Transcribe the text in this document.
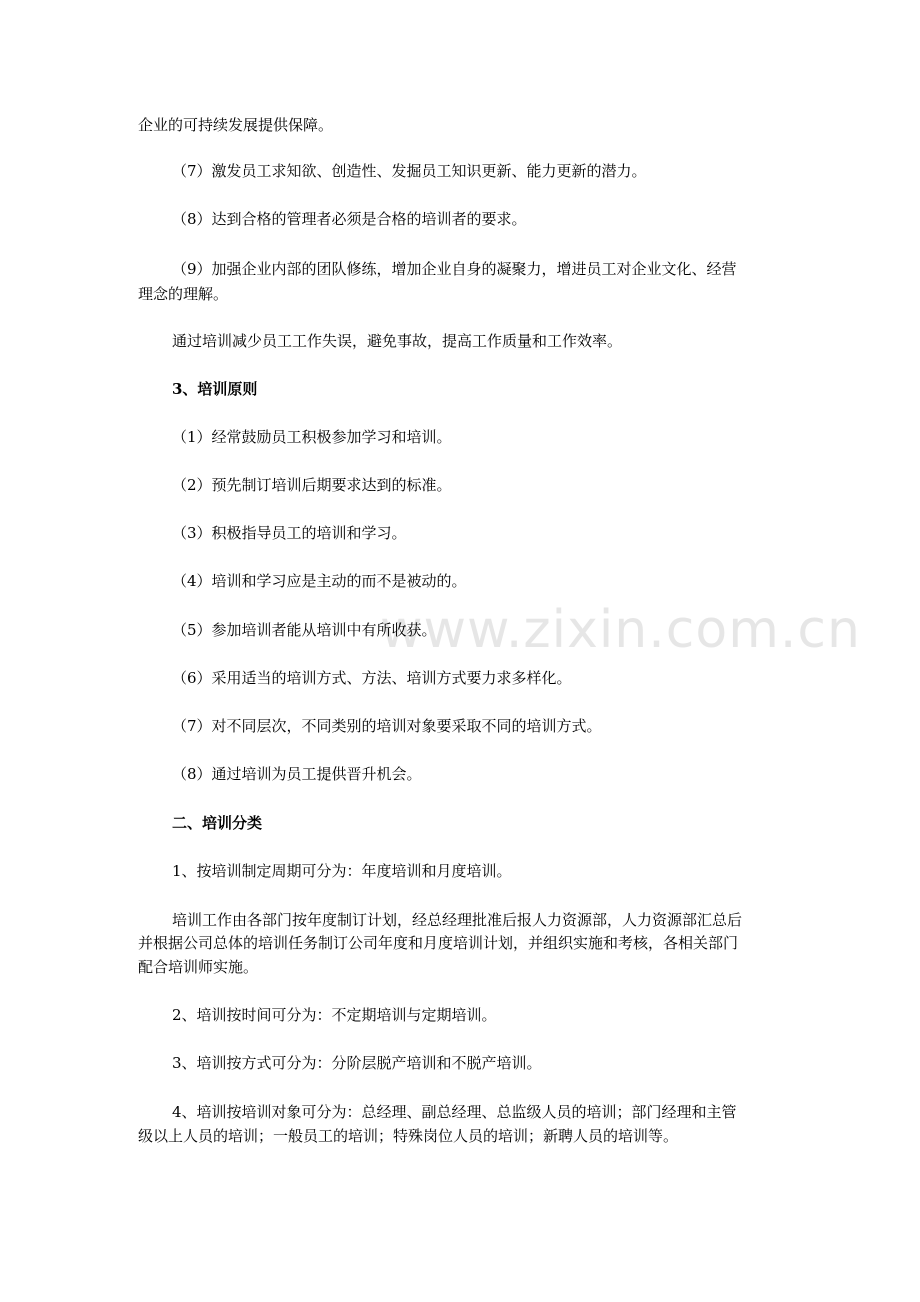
www.zixin.com.cn
企业的可持续发展提供保障。
（7）激发员工求知欲、创造性、发掘员工知识更新、能力更新的潜力。
（8）达到合格的管理者必须是合格的培训者的要求。
（9）加强企业内部的团队修练，增加企业自身的凝聚力，增进员工对企业文化、经营
理念的理解。
通过培训减少员工工作失误，避免事故，提高工作质量和工作效率。
3、培训原则
（1）经常鼓励员工积极参加学习和培训。
（2）预先制订培训后期要求达到的标准。
（3）积极指导员工的培训和学习。
（4）培训和学习应是主动的而不是被动的。
（5）参加培训者能从培训中有所收获。
（6）采用适当的培训方式、方法、培训方式要力求多样化。
（7）对不同层次，不同类别的培训对象要采取不同的培训方式。
（8）通过培训为员工提供晋升机会。
二、培训分类
1、按培训制定周期可分为：年度培训和月度培训。
培训工作由各部门按年度制订计划，经总经理批准后报人力资源部，人力资源部汇总后
并根据公司总体的培训任务制订公司年度和月度培训计划，并组织实施和考核，各相关部门
配合培训师实施。
2、培训按时间可分为：不定期培训与定期培训。
3、培训按方式可分为：分阶层脱产培训和不脱产培训。
4、培训按培训对象可分为：总经理、副总经理、总监级人员的培训；部门经理和主管
级以上人员的培训；一般员工的培训；特殊岗位人员的培训；新聘人员的培训等。
